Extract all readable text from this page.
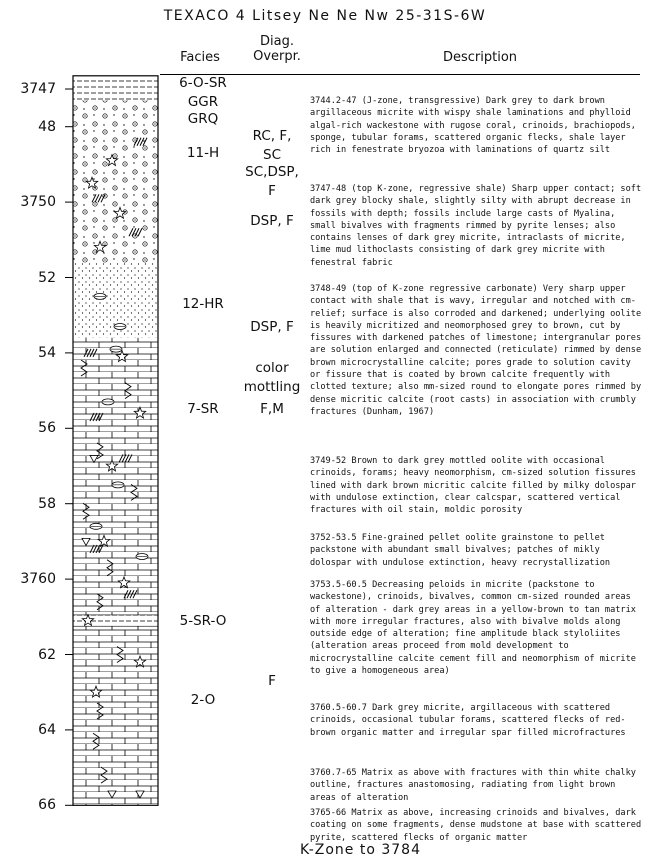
TEXACO 4 Litsey Ne Ne Nw 25-31S-6W
Facies
Diag.
Overpr.	Description
3747
48
3750
52
54
56
58
3760
62
64
66
6-O-SR
GGR
GRQ
11-H
12-HR
7-SR
5-SR-O
2-O
RC, F,
SC
SC,DSP,
F
DSP, F
DSP, F
color
mottling
F,M
F
3744.2-47 (J-zone, transgressive) Dark grey to dark brown argillaceous micrite with wispy shale laminations and phylloid algal-rich wackestone with rugose coral, crinoids, brachiopods, sponge, tubular forams, scattered organic flecks, shale layer rich in fenestrate bryozoa with laminations of quartz silt
3747-48 (top K-zone, regressive shale) Sharp upper contact; soft dark grey blocky shale, slightly silty with abrupt decrease in fossils with depth; fossils include large casts of Myalina, small bivalves with fragments rimmed by pyrite lenses; also contains lenses of dark grey micrite, intraclasts of micrite, lime mud lithoclasts consisting of dark grey micrite with fenestral fabric
3748-49 (top of K-zone regressive carbonate) Very sharp upper contact with shale that is wavy, irregular and notched with cm-relief; surface is also corroded and darkened; underlying oolite is heavily micritized and neomorphosed grey to brown, cut by fissures with darkened patches of limestone; intergranular pores are solution enlarged and connected (reticulate) rimmed by dense brown microcrystalline calcite; pores grade to solution cavity or fissure that is coated by brown calcite frequently with clotted texture; also mm-sized round to elongate pores rimmed by dense micritic calcite (root casts) in association with crumbly fractures (Dunham, 1967)
3749-52 Brown to dark grey mottled oolite with occasional crinoids, forams; heavy neomorphism, cm-sized solution fissures lined with dark brown micritic calcite filled by milky dolospar with undulose extinction, clear calcspar, scattered vertical fractures with oil stain, moldic porosity
3752-53.5 Fine-grained pellet oolite grainstone to pellet packstone with abundant small bivalves; patches of mikly dolospar with undulose extinction, heavy recrystallization
3753.5-60.5 Decreasing peloids in micrite (packstone to wackestone), crinoids, bivalves, common cm-sized rounded areas of alteration - dark grey areas in a yellow-brown to tan matrix with more irregular fractures, also with bivalve molds along outside edge of alteration; fine amplitude black styloliites (alteration areas proceed from mold development to microcrystalline calcite cement fill and neomorphism of micrite to give a homogeneous area)
3760.5-60.7 Dark grey micrite, argillaceous with scattered crinoids, occasional tubular forams, scattered flecks of red-brown organic matter and irregular spar filled microfractures
3760.7-65 Matrix as above with fractures with thin white chalky outline, fractures anastomosing, radiating from light brown areas of alteration
3765-66 Matrix as above, increasing crinoids and bivalves, dark coating on some fragments, dense mudstone at base with scattered pyrite, scattered flecks of organic matter
K-Zone to 3784
